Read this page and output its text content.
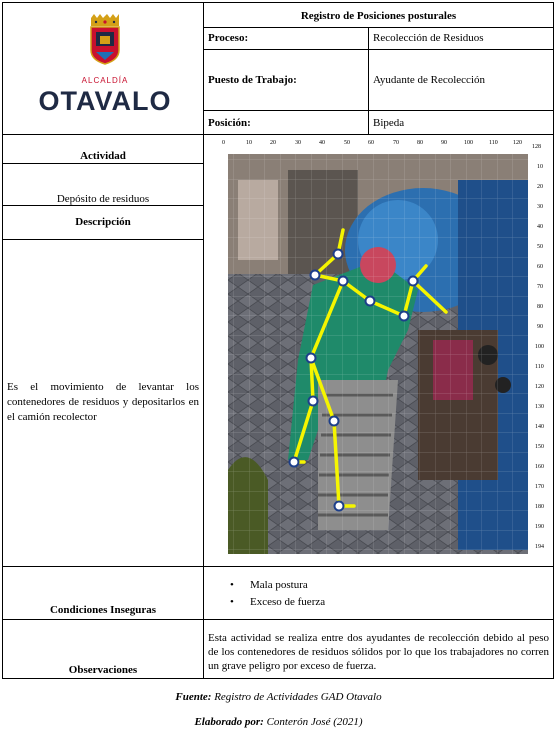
ALCALDÍA
OTAVALO
Registro de Posiciones posturales
Proceso:	Recolección de Residuos
Puesto de Trabajo:	Ayudante de Recolección
Posición:	Bipeda
Actividad
Depósito de residuos
Descripción
Es el movimiento de levantar los contenedores de residuos y depositarlos en el camión recolector
0	10	20	30	40	50	60	70	80	90	100	110	120
128
10
20
30
40
50
60
70
80
90
100
110
120
130
140
150
160
170
180
190
194
Condiciones Inseguras
• Mala postura
• Exceso de fuerza
Observaciones
Esta actividad se realiza entre dos ayudantes de recolección debido al peso de los contenedores de residuos sólidos por lo que los trabajadores no corren un grave peligro por exceso de fuerza.
Fuente: Registro de Actividades GAD Otavalo
Elaborado por: Conterón José (2021)
